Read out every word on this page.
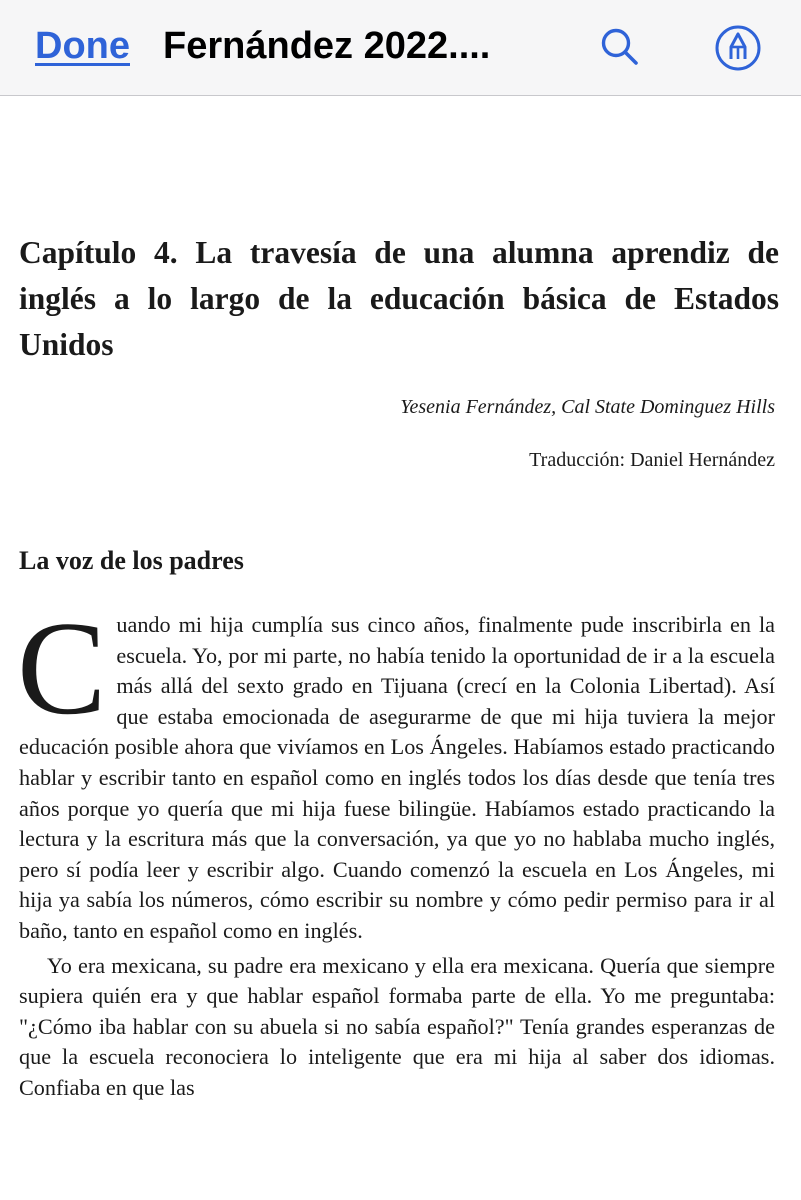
Done Fernández 2022....
Capítulo 4. La travesía de una alumna aprendiz de inglés a lo largo de la educación básica de Estados Unidos
Yesenia Fernández, Cal State Dominguez Hills
Traducción: Daniel Hernández
La voz de los padres

Cuando mi hija cumplía sus cinco años, finalmente pude inscribirla en la escuela. Yo, por mi parte, no había tenido la oportunidad de ir a la escuela más allá del sexto grado en Tijuana (crecí en la Colonia Libertad). Así que estaba emocionada de asegurarme de que mi hija tuviera la mejor educación posible ahora que vivíamos en Los Ángeles. Habíamos estado practicando hablar y escribir tanto en español como en inglés todos los días desde que tenía tres años porque yo quería que mi hija fuese bilingüe. Habíamos estado practicando la lectura y la escritura más que la conversación, ya que yo no hablaba mucho inglés, pero sí podía leer y escribir algo. Cuando comenzó la escuela en Los Ángeles, mi hija ya sabía los números, cómo escribir su nombre y cómo pedir permiso para ir al baño, tanto en español como en inglés.

Yo era mexicana, su padre era mexicano y ella era mexicana. Quería que siempre supiera quién era y que hablar español formaba parte de ella. Yo me preguntaba: "¿Cómo iba hablar con su abuela si no sabía español?" Tenía grandes esperanzas de que la escuela reconociera lo inteligente que era mi hija al saber dos idiomas. Confiaba en que las
